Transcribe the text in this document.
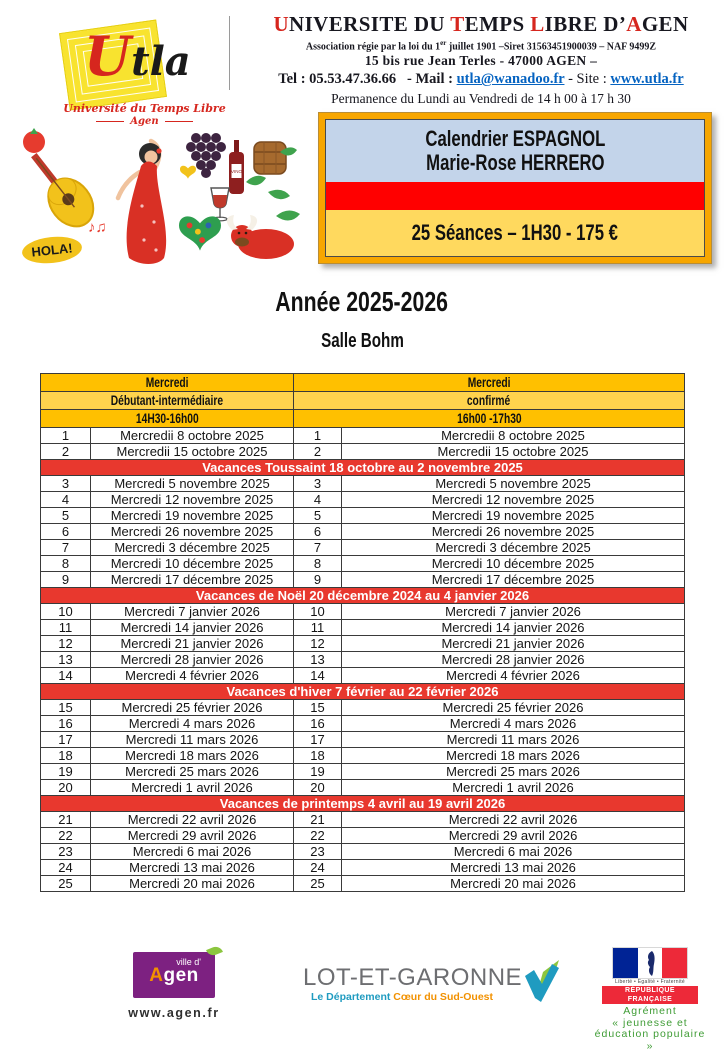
Utla
Université du Temps Libre
Agen
UNIVERSITE DU TEMPS LIBRE D’AGEN
Association régie par la loi du 1er juillet 1901 –Siret 31563451900039 – NAF 9499Z
15 bis rue Jean Terles - 47000 AGEN –
Tel : 05.53.47.36.66 - Mail : utla@wanadoo.fr - Site : www.utla.fr
Permanence du Lundi au Vendredi de 14 h 00 à 17 h 30
♪♫
VINO
HOLA!
Calendrier ESPAGNOL
Marie-Rose HERRERO
25 Séances – 1H30 - 175 €
Année 2025-2026
Salle Bohm
Mercredi		Mercredi	
Débutant-intermédiaire		confirmé	
14H30-16h00		16h00 -17h30	
1	Mercredii 8 octobre 2025	1	Mercredii 8 octobre 2025
2	Mercredii 15 octobre 2025	2	Mercredii 15 octobre 2025
Vacances Toussaint 18 octobre au 2 novembre 2025			
3	Mercredi 5 novembre 2025	3	Mercredi 5 novembre 2025
4	Mercredi 12 novembre 2025	4	Mercredi 12 novembre 2025
5	Mercredi 19 novembre 2025	5	Mercredi 19 novembre 2025
6	Mercredi 26 novembre 2025	6	Mercredi 26 novembre 2025
7	Mercredi 3 décembre 2025	7	Mercredi 3 décembre 2025
8	Mercredi 10 décembre 2025	8	Mercredi 10 décembre 2025
9	Mercredi 17 décembre 2025	9	Mercredi 17 décembre 2025
Vacances de Noël 20 décembre 2024 au 4 janvier 2026			
10	Mercredi 7 janvier 2026	10	Mercredi 7 janvier 2026
11	Mercredi 14 janvier 2026	11	Mercredi 14 janvier 2026
12	Mercredi 21 janvier 2026	12	Mercredi 21 janvier 2026
13	Mercredi 28 janvier 2026	13	Mercredi 28 janvier 2026
14	Mercredi 4 février 2026	14	Mercredi 4 février 2026
Vacances d'hiver 7 février au 22 février 2026			
15	Mercredi 25 février 2026	15	Mercredi 25 février 2026
16	Mercredi 4 mars 2026	16	Mercredi 4 mars 2026
17	Mercredi 11 mars 2026	17	Mercredi 11 mars 2026
18	Mercredi 18 mars 2026	18	Mercredi 18 mars 2026
19	Mercredi 25 mars 2026	19	Mercredi 25 mars 2026
20	Mercredi 1 avril 2026	20	Mercredi 1 avril 2026
Vacances de printemps 4 avril au 19 avril 2026			
21	Mercredi 22 avril 2026	21	Mercredi 22 avril 2026
22	Mercredi 29 avril 2026	22	Mercredi 29 avril 2026
23	Mercredi 6 mai 2026	23	Mercredi 6 mai 2026
24	Mercredi 13 mai 2026	24	Mercredi 13 mai 2026
25	Mercredi 20 mai 2026	25	Mercredi 20 mai 2026
ville d'
Agen
www.agen.fr
LOT-ET-GARONNE
Le Département Cœur du Sud-Ouest
Liberté • Égalité • Fraternité
RÉPUBLIQUE FRANÇAISE
Agrément
« jeunesse et
éducation populaire »
